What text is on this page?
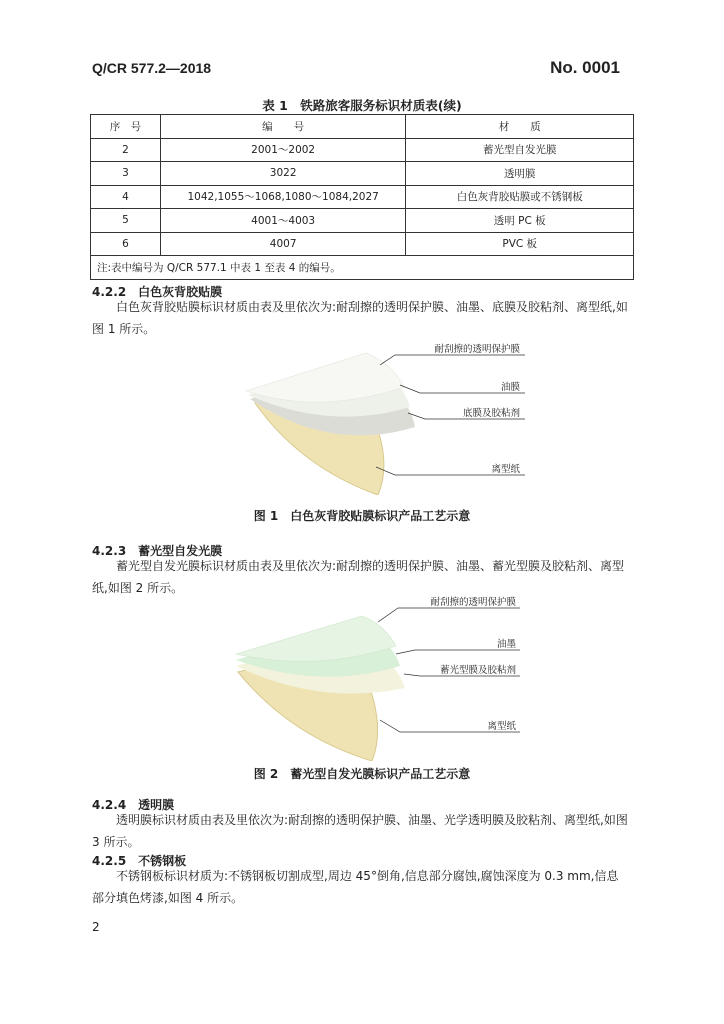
Q/CR 577.2—2018	No. 0001
表 1　铁路旅客服务标识材质表(续)
序　号	编　　号	材　　质
2	2001～2002	蓄光型自发光膜
3	3022	透明膜
4	1042,1055～1068,1080～1084,2027	白色灰背胶贴膜或不锈钢板
5	4001～4003	透明 PC 板
6	4007	PVC 板
注:表中编号为 Q/CR 577.1 中表 1 至表 4 的编号。		
4.2.2　白色灰背胶贴膜
白色灰背胶贴膜标识材质由表及里依次为:耐刮擦的透明保护膜、油墨、底膜及胶粘剂、离型纸,如
图 1 所示。
耐刮擦的透明保护膜
油膜
底膜及胶粘剂
离型纸
图 1　白色灰背胶贴膜标识产品工艺示意
4.2.3　蓄光型自发光膜
蓄光型自发光膜标识材质由表及里依次为:耐刮擦的透明保护膜、油墨、蓄光型膜及胶粘剂、离型
纸,如图 2 所示。
耐刮擦的透明保护膜
油墨
蓄光型膜及胶粘剂
离型纸
图 2　蓄光型自发光膜标识产品工艺示意
4.2.4　透明膜
透明膜标识材质由表及里依次为:耐刮擦的透明保护膜、油墨、光学透明膜及胶粘剂、离型纸,如图
3 所示。
4.2.5　不锈钢板
不锈钢板标识材质为:不锈钢板切割成型,周边 45°倒角,信息部分腐蚀,腐蚀深度为 0.3 mm,信息
部分填色烤漆,如图 4 所示。
2
